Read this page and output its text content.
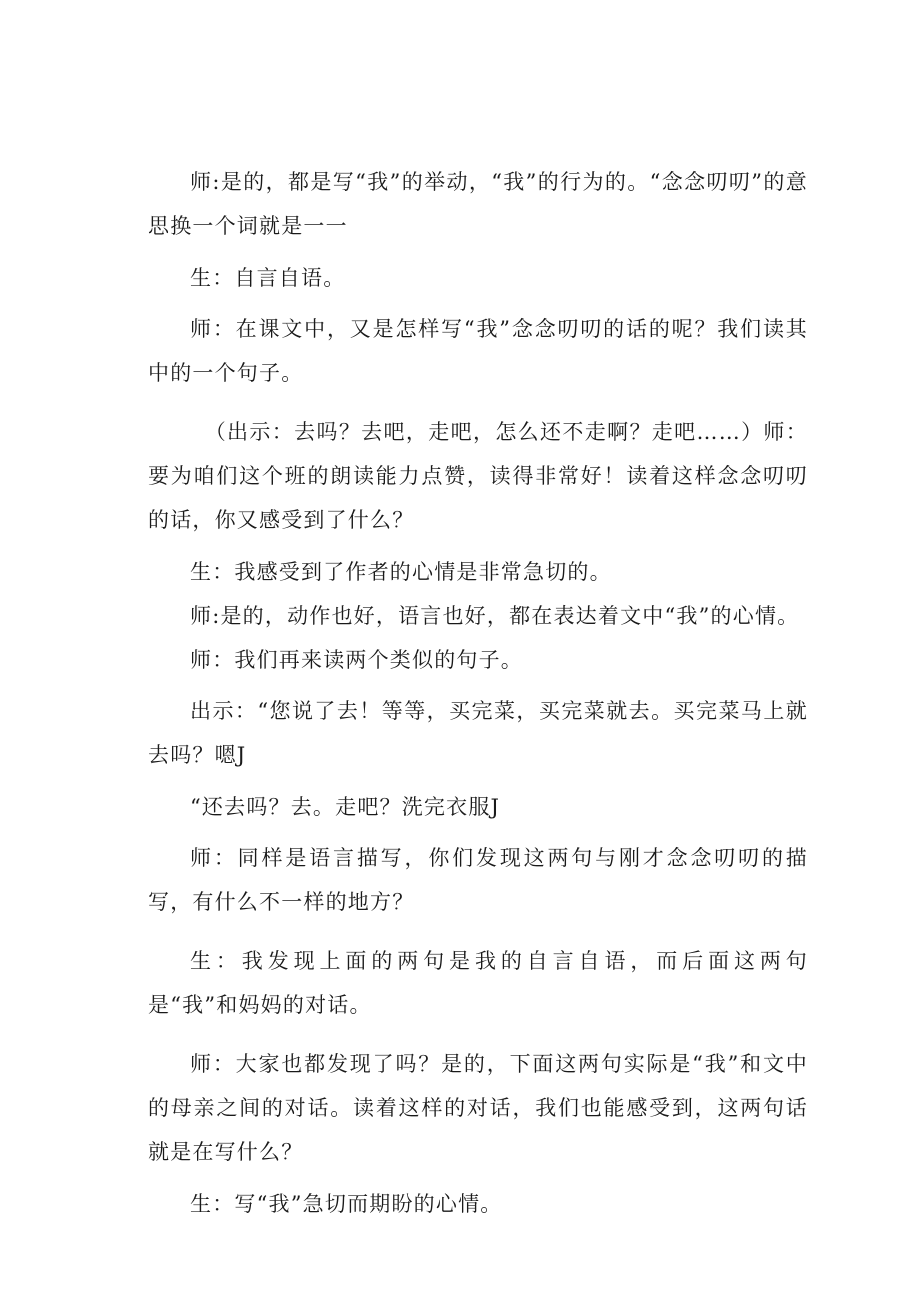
师:是的，都是写“我”的举动，“我”的行为的。“念念叨叨”的意思换一个词就是一一

生：自言自语。

师：在课文中，又是怎样写“我”念念叨叨的话的呢？我们读其中的一个句子。

（出示：去吗？去吧，走吧，怎么还不走啊？走吧……）师：要为咱们这个班的朗读能力点赞，读得非常好！读着这样念念叨叨的话，你又感受到了什么？

生：我感受到了作者的心情是非常急切的。

师:是的，动作也好，语言也好，都在表达着文中“我”的心情。

师：我们再来读两个类似的句子。

出示：“您说了去！等等，买完菜，买完菜就去。买完菜马上就去吗？嗯J

“还去吗？去。走吧？洗完衣服J

师：同样是语言描写，你们发现这两句与刚才念念叨叨的描写，有什么不一样的地方？

生：我发现上面的两句是我的自言自语，而后面这两句是“我”和妈妈的对话。

师：大家也都发现了吗？是的，下面这两句实际是“我”和文中的母亲之间的对话。读着这样的对话，我们也能感受到，这两句话就是在写什么？

生：写“我”急切而期盼的心情。
